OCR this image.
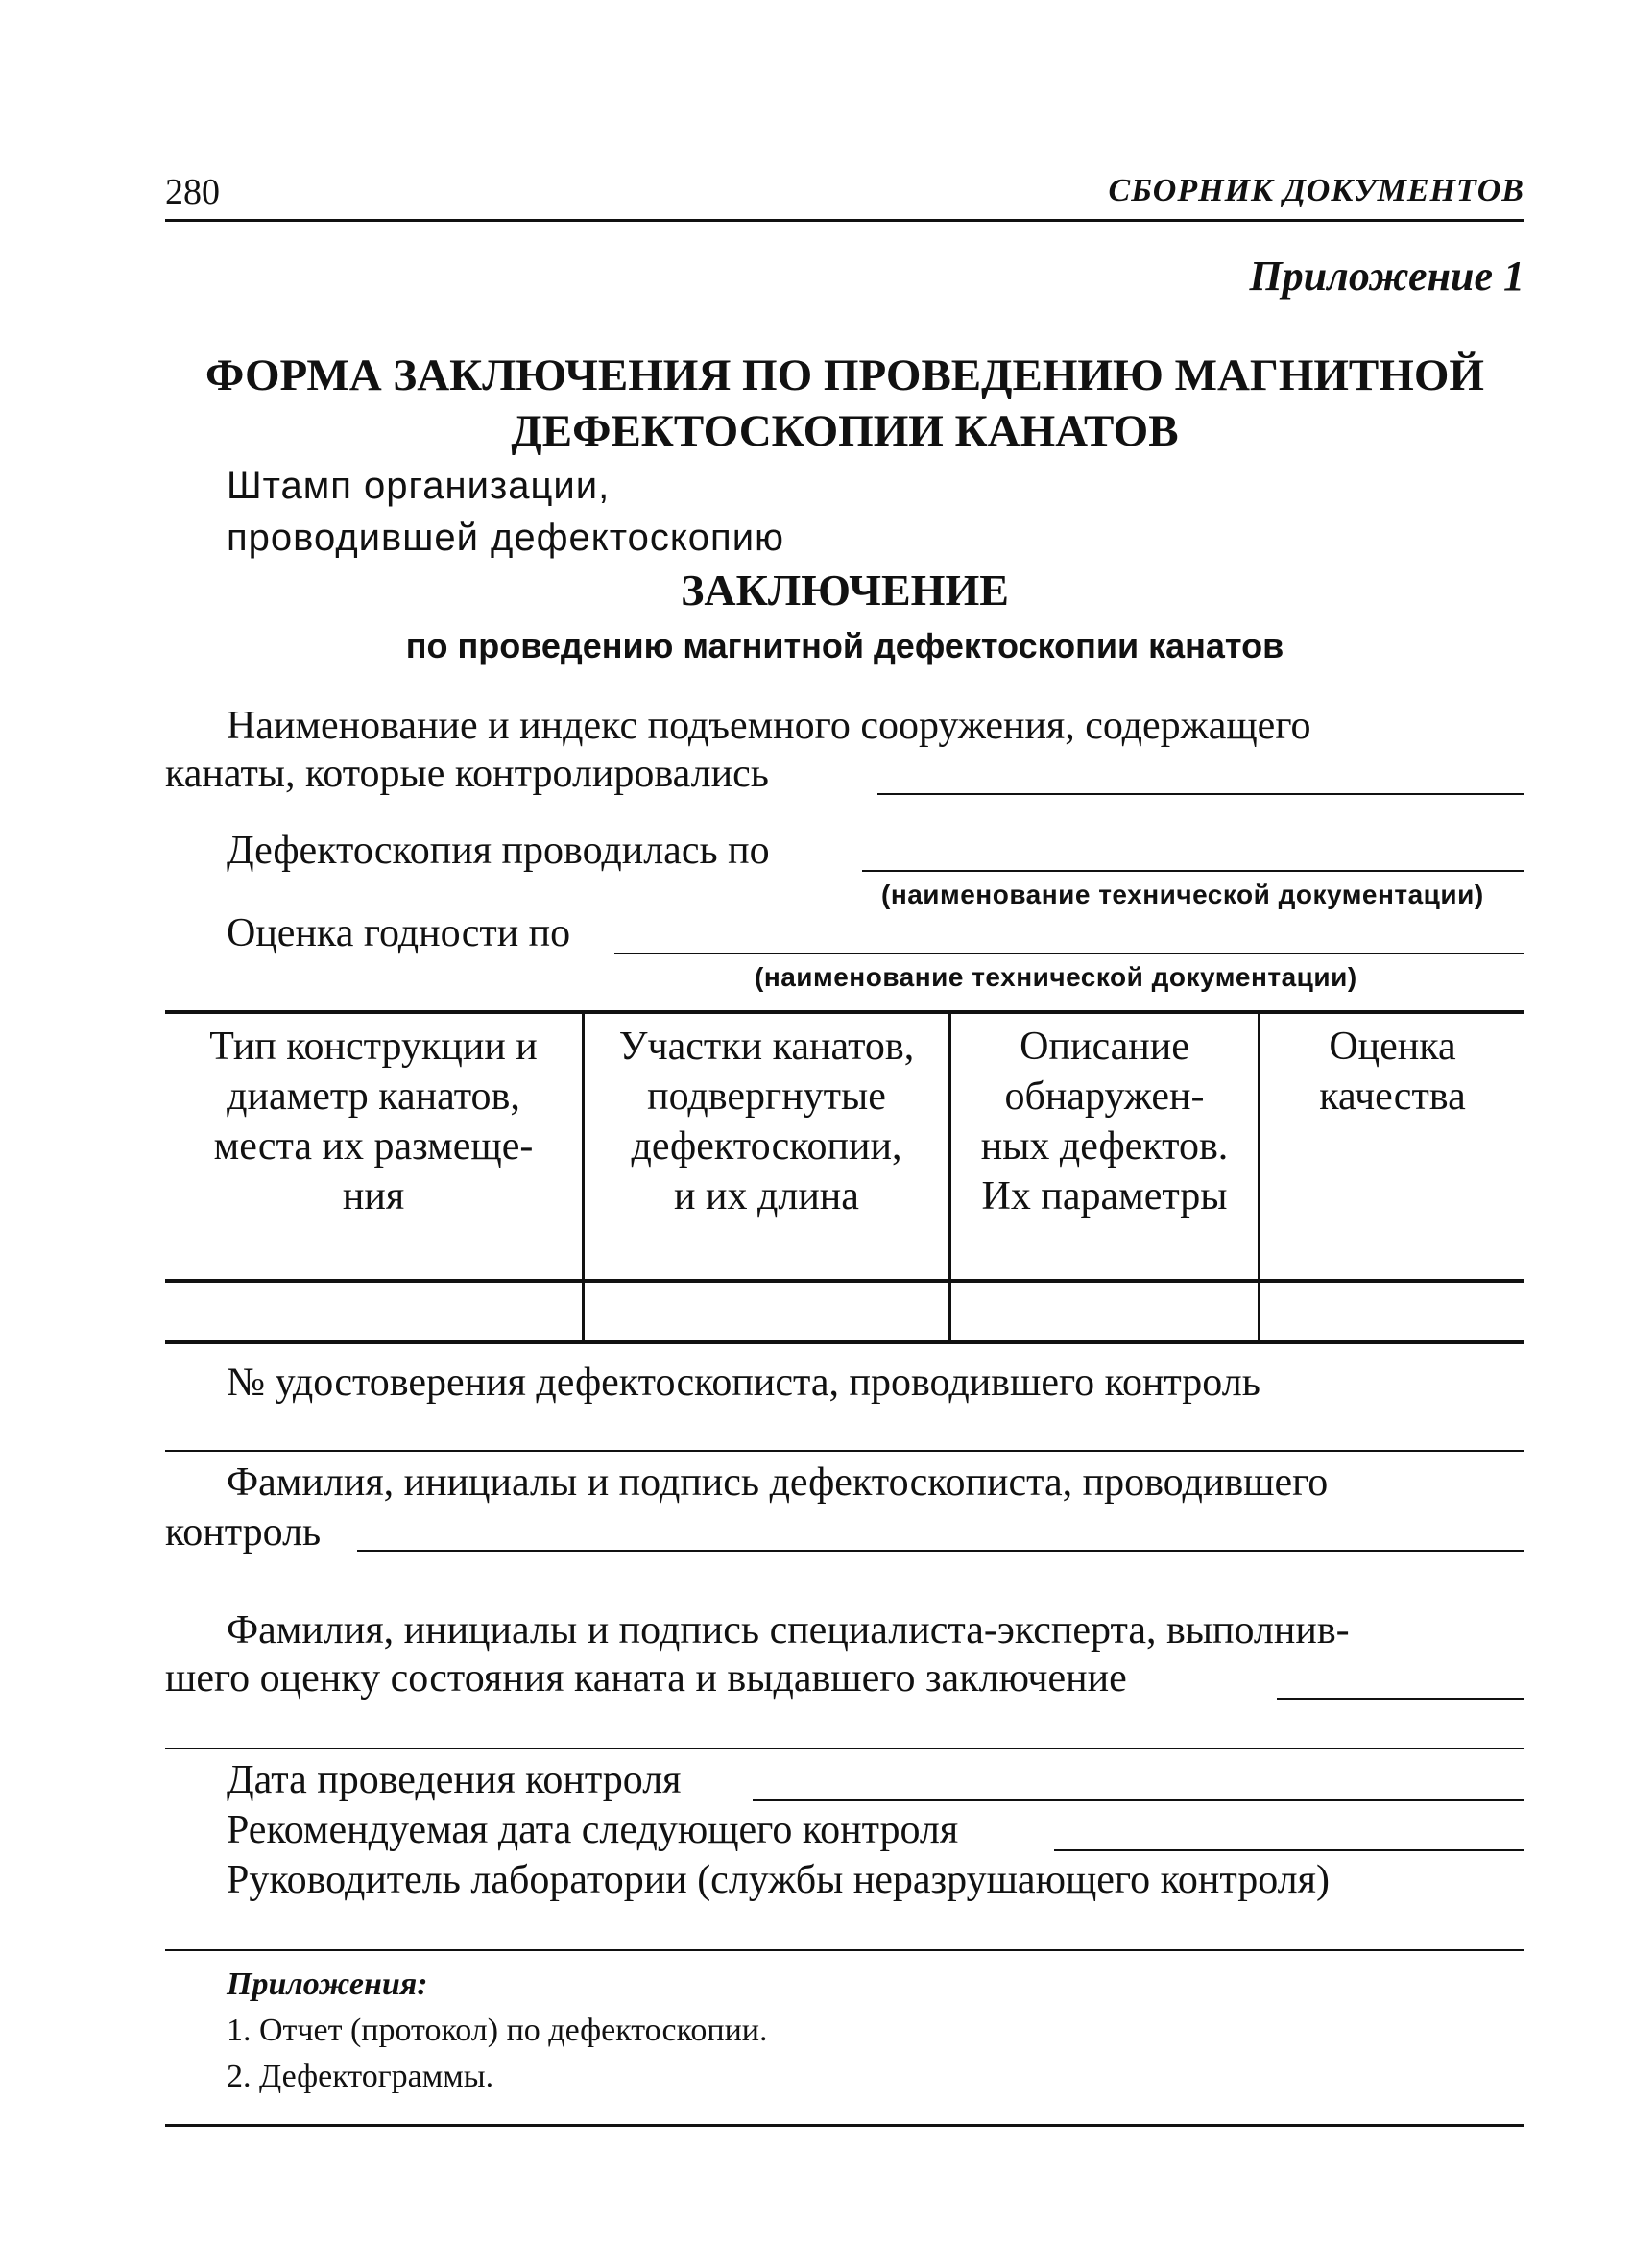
280	СБОРНИК ДОКУМЕНТОВ
Приложение 1
ФОРМА ЗАКЛЮЧЕНИЯ ПО ПРОВЕДЕНИЮ МАГНИТНОЙ
ДЕФЕКТОСКОПИИ КАНАТОВ
Штамп организации,
проводившей дефектоскопию
ЗАКЛЮЧЕНИЕ
по проведению магнитной дефектоскопии канатов
Наименование и индекс подъемного сооружения, содержащего
канаты, которые контролировались
Дефектоскопия проводилась по
(наименование технической документации)
Оценка годности по
(наименование технической документации)
Тип конструкции и
диаметр канатов,
места их размеще-
ния
Участки канатов,
подвергнутые
дефектоскопии,
и их длина
Описание
обнаружен-
ных дефектов.
Их параметры
Оценка
качества
№ удостоверения дефектоскописта, проводившего контроль
Фамилия, инициалы и подпись дефектоскописта, проводившего
контроль
Фамилия, инициалы и подпись специалиста-эксперта, выполнив-
шего оценку состояния каната и выдавшего заключение
Дата проведения контроля
Рекомендуемая дата следующего контроля
Руководитель лаборатории (службы неразрушающего контроля)
Приложения:
1. Отчет (протокол) по дефектоскопии.
2. Дефектограммы.
